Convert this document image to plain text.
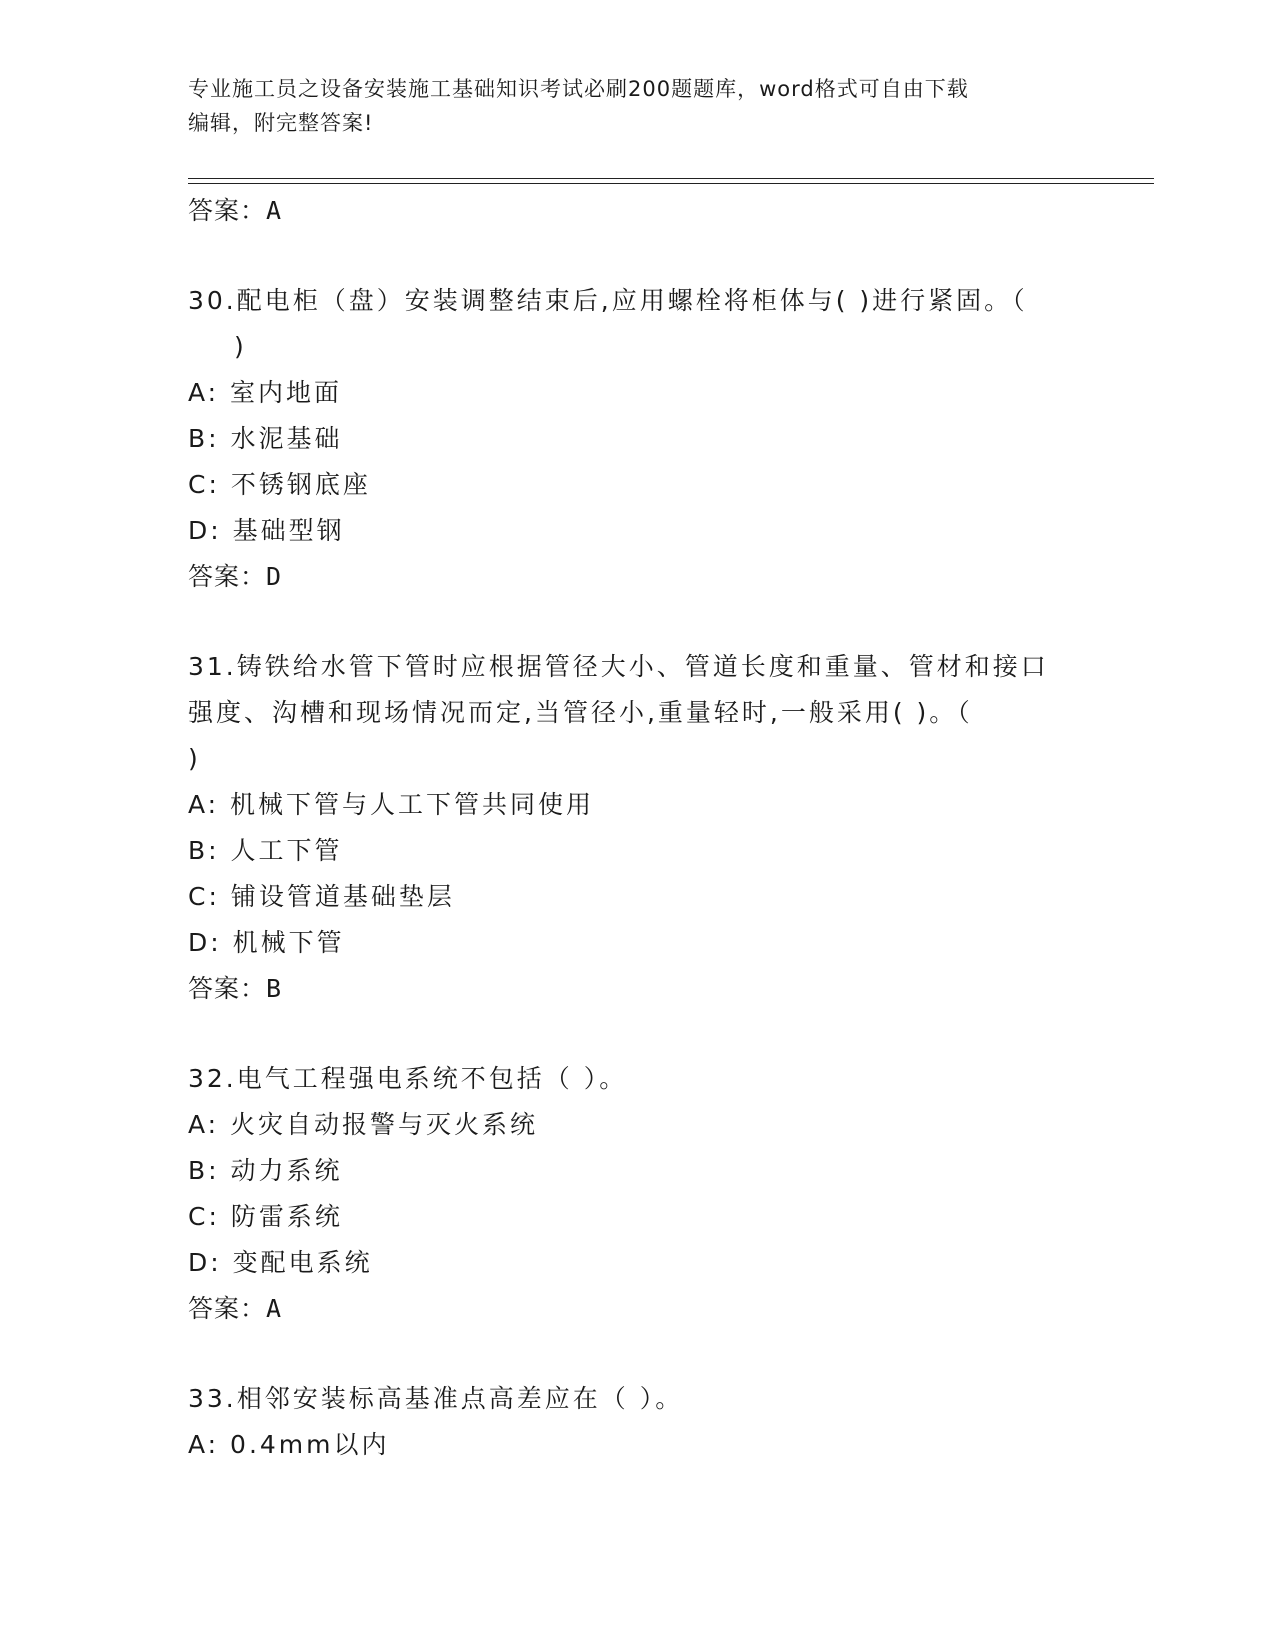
专业施工员之设备安装施工基础知识考试必刷200题题库，word格式可自由下载
编辑，附完整答案!
答案：A
30.配电柜（盘）安装调整结束后,应用螺栓将柜体与( )进行紧固。（
)
A: 室内地面
B: 水泥基础
C: 不锈钢底座
D: 基础型钢
答案：D
31.铸铁给水管下管时应根据管径大小、管道长度和重量、管材和接口
强度、沟槽和现场情况而定,当管径小,重量轻时,一般采用( )。（
)
A: 机械下管与人工下管共同使用
B: 人工下管
C: 铺设管道基础垫层
D: 机械下管
答案：B
32.电气工程强电系统不包括（ ）。
A: 火灾自动报警与灭火系统
B: 动力系统
C: 防雷系统
D: 变配电系统
答案：A
33.相邻安装标高基准点高差应在（ ）。
A: 0.4mm以内
